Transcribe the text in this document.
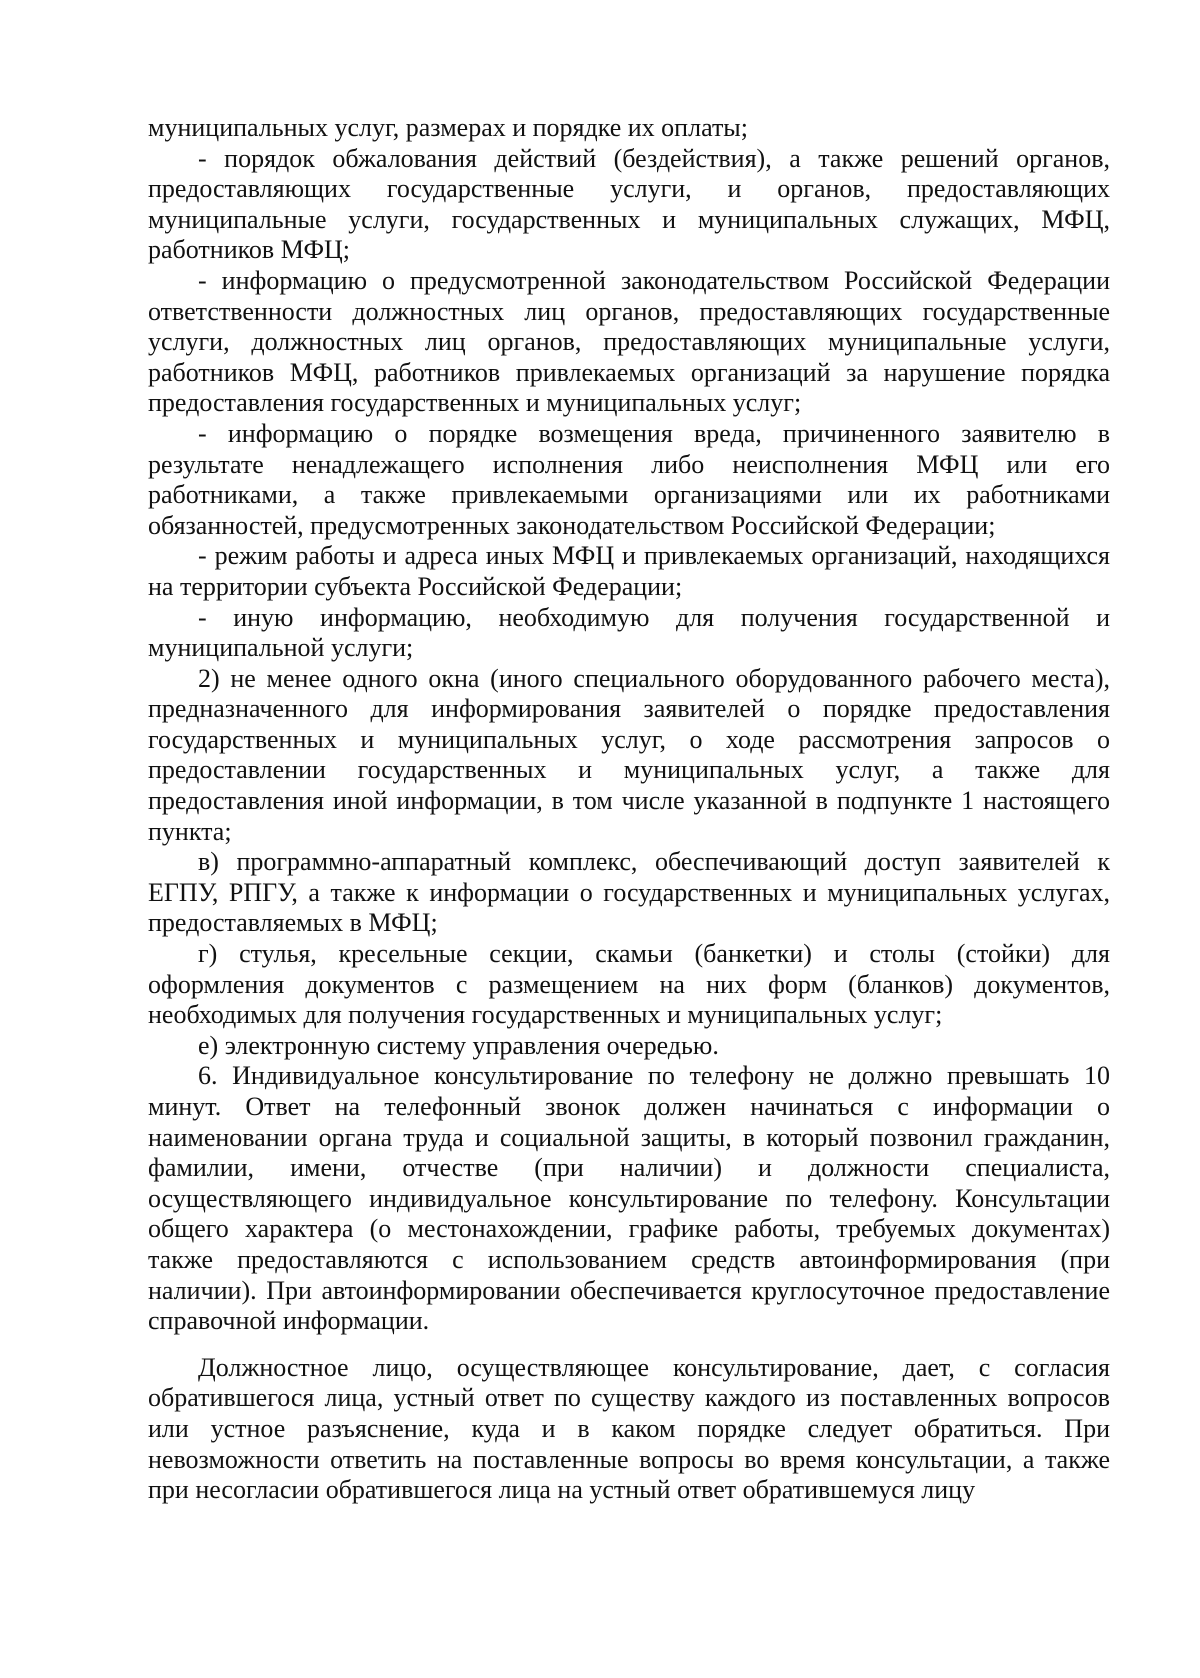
муниципальных услуг, размерах и порядке их оплаты;

- порядок обжалования действий (бездействия), а также решений органов, предоставляющих государственные услуги, и органов, предоставляющих муниципальные услуги, государственных и муниципальных служащих, МФЦ, работников МФЦ;

- информацию о предусмотренной законодательством Российской Федерации ответственности должностных лиц органов, предоставляющих государственные услуги, должностных лиц органов, предоставляющих муниципальные услуги, работников МФЦ, работников привлекаемых организаций за нарушение порядка предоставления государственных и муниципальных услуг;

- информацию о порядке возмещения вреда, причиненного заявителю в результате ненадлежащего исполнения либо неисполнения МФЦ или его работниками, а также привлекаемыми организациями или их работниками обязанностей, предусмотренных законодательством Российской Федерации;

- режим работы и адреса иных МФЦ и привлекаемых организаций, находящихся на территории субъекта Российской Федерации;

- иную информацию, необходимую для получения государственной и муниципальной услуги;

2) не менее одного окна (иного специального оборудованного рабочего места), предназначенного для информирования заявителей о порядке предоставления государственных и муниципальных услуг, о ходе рассмотрения запросов о предоставлении государственных и муниципальных услуг, а также для предоставления иной информации, в том числе указанной в подпункте 1 настоящего пункта;

в) программно-аппаратный комплекс, обеспечивающий доступ заявителей к ЕГПУ, РПГУ, а также к информации о государственных и муниципальных услугах, предоставляемых в МФЦ;

г) стулья, кресельные секции, скамьи (банкетки) и столы (стойки) для оформления документов с размещением на них форм (бланков) документов, необходимых для получения государственных и муниципальных услуг;

е) электронную систему управления очередью.

6. Индивидуальное консультирование по телефону не должно превышать 10 минут. Ответ на телефонный звонок должен начинаться с информации о наименовании органа труда и социальной защиты, в который позвонил гражданин, фамилии, имени, отчестве (при наличии) и должности специалиста, осуществляющего индивидуальное консультирование по телефону. Консультации общего характера (о местонахождении, графике работы, требуемых документах) также предоставляются с использованием средств автоинформирования (при наличии). При автоинформировании обеспечивается круглосуточное предоставление справочной информации.

Должностное лицо, осуществляющее консультирование, дает, с согласия обратившегося лица, устный ответ по существу каждого из поставленных вопросов или устное разъяснение, куда и в каком порядке следует обратиться. При невозможности ответить на поставленные вопросы во время консультации, а также при несогласии обратившегося лица на устный ответ обратившемуся лицу
